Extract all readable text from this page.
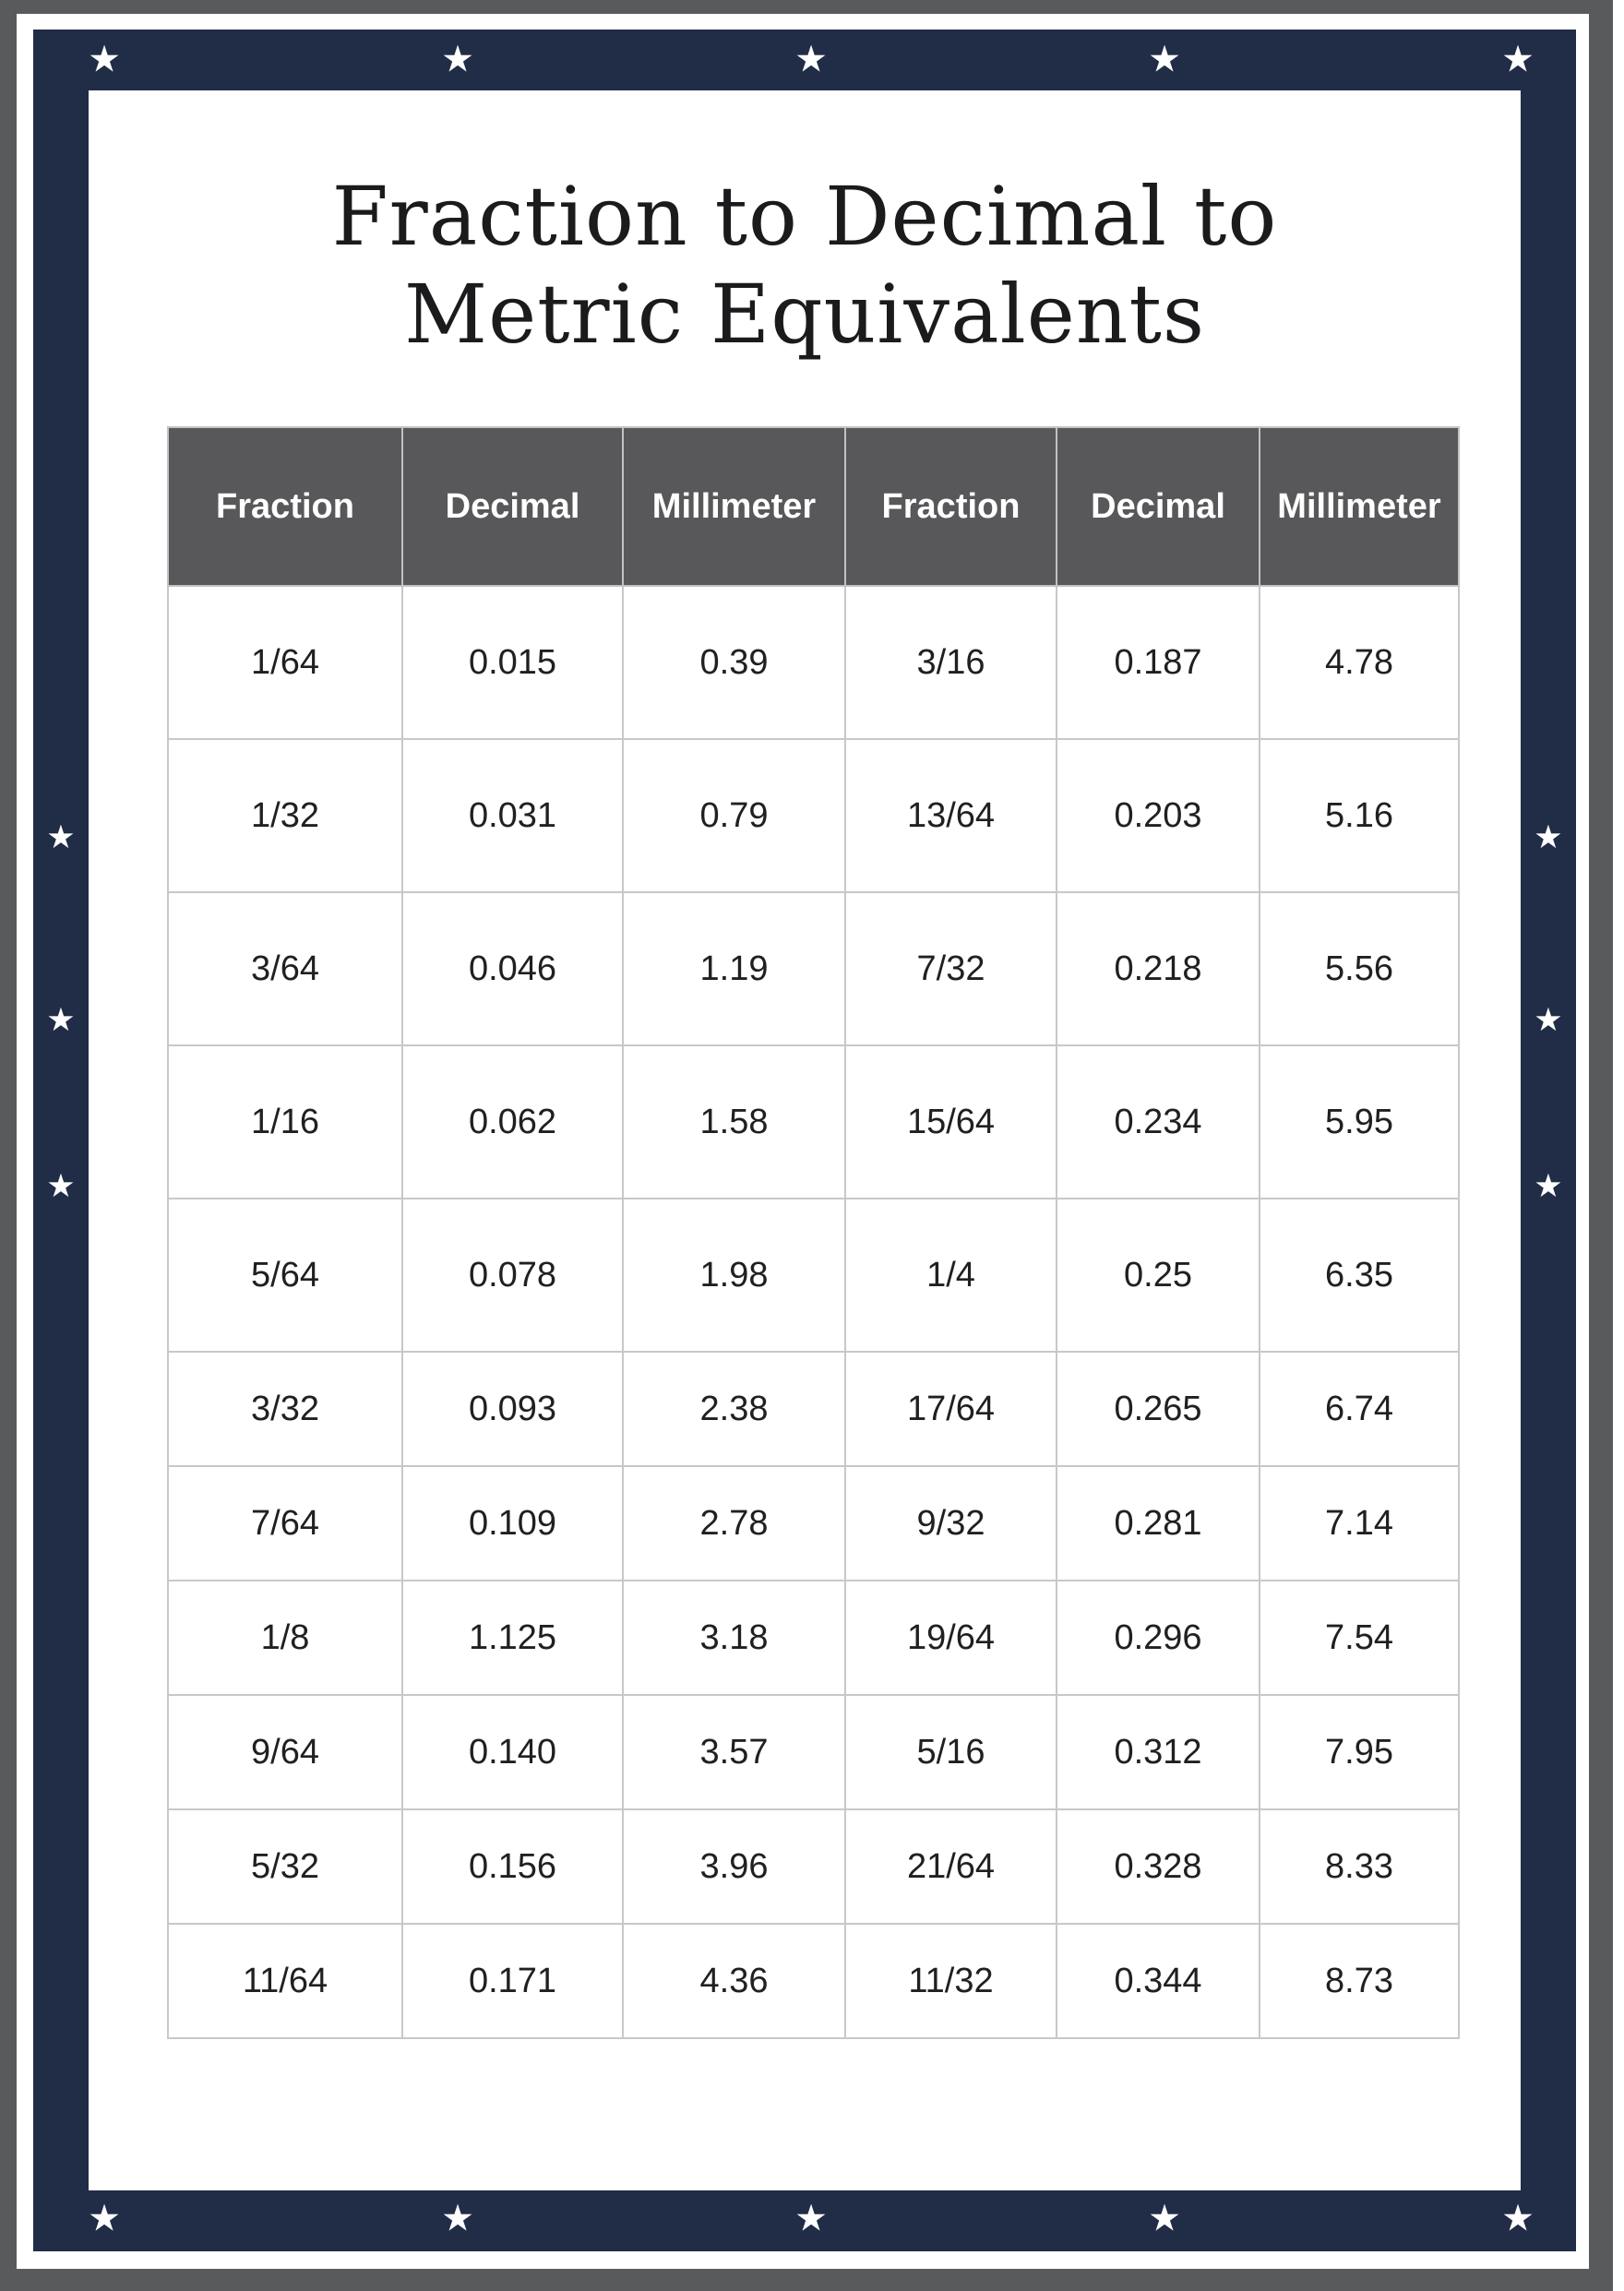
★	★	★	★	★
★	★	★	★	★
★
★
★
★
★
★
Fraction to Decimal to
Metric Equivalents
Fraction	Decimal	Millimeter	Fraction	Decimal	Millimeter
1/64	0.015	0.39	3/16	0.187	4.78
1/32	0.031	0.79	13/64	0.203	5.16
3/64	0.046	1.19	7/32	0.218	5.56
1/16	0.062	1.58	15/64	0.234	5.95
5/64	0.078	1.98	1/4	0.25	6.35
3/32	0.093	2.38	17/64	0.265	6.74
7/64	0.109	2.78	9/32	0.281	7.14
1/8	1.125	3.18	19/64	0.296	7.54
9/64	0.140	3.57	5/16	0.312	7.95
5/32	0.156	3.96	21/64	0.328	8.33
11/64	0.171	4.36	11/32	0.344	8.73
